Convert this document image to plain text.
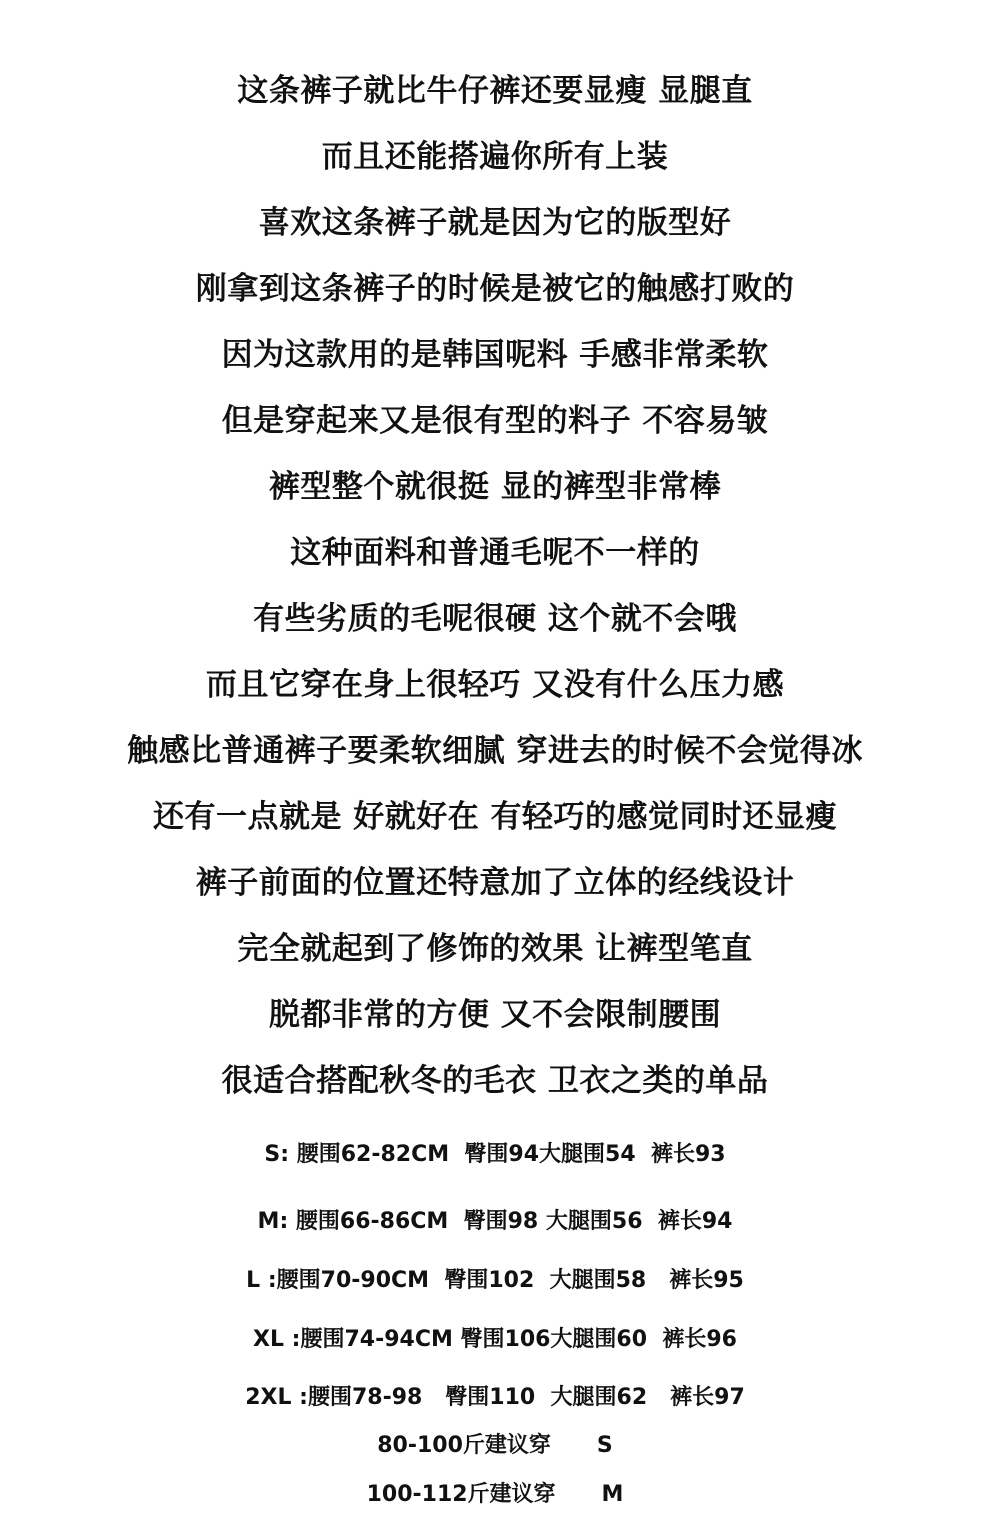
这条裤子就比牛仔裤还要显瘦 显腿直
而且还能搭遍你所有上装
喜欢这条裤子就是因为它的版型好
刚拿到这条裤子的时候是被它的触感打败的
因为这款用的是韩国呢料 手感非常柔软
但是穿起来又是很有型的料子 不容易皱
裤型整个就很挺 显的裤型非常棒
这种面料和普通毛呢不一样的
有些劣质的毛呢很硬 这个就不会哦
而且它穿在身上很轻巧 又没有什么压力感
触感比普通裤子要柔软细腻 穿进去的时候不会觉得冰
还有一点就是 好就好在 有轻巧的感觉同时还显瘦
裤子前面的位置还特意加了立体的经线设计
完全就起到了修饰的效果 让裤型笔直
脱都非常的方便 又不会限制腰围
很适合搭配秋冬的毛衣 卫衣之类的单品
S: 腰围62-82CM  臀围94大腿围54  裤长93
M: 腰围66-86CM  臀围98 大腿围56  裤长94
L :腰围70-90CM  臀围102  大腿围58   裤长95
XL :腰围74-94CM 臀围106大腿围60  裤长96
2XL :腰围78-98   臀围110  大腿围62   裤长97
80-100斤建议穿      S
100-112斤建议穿      M
